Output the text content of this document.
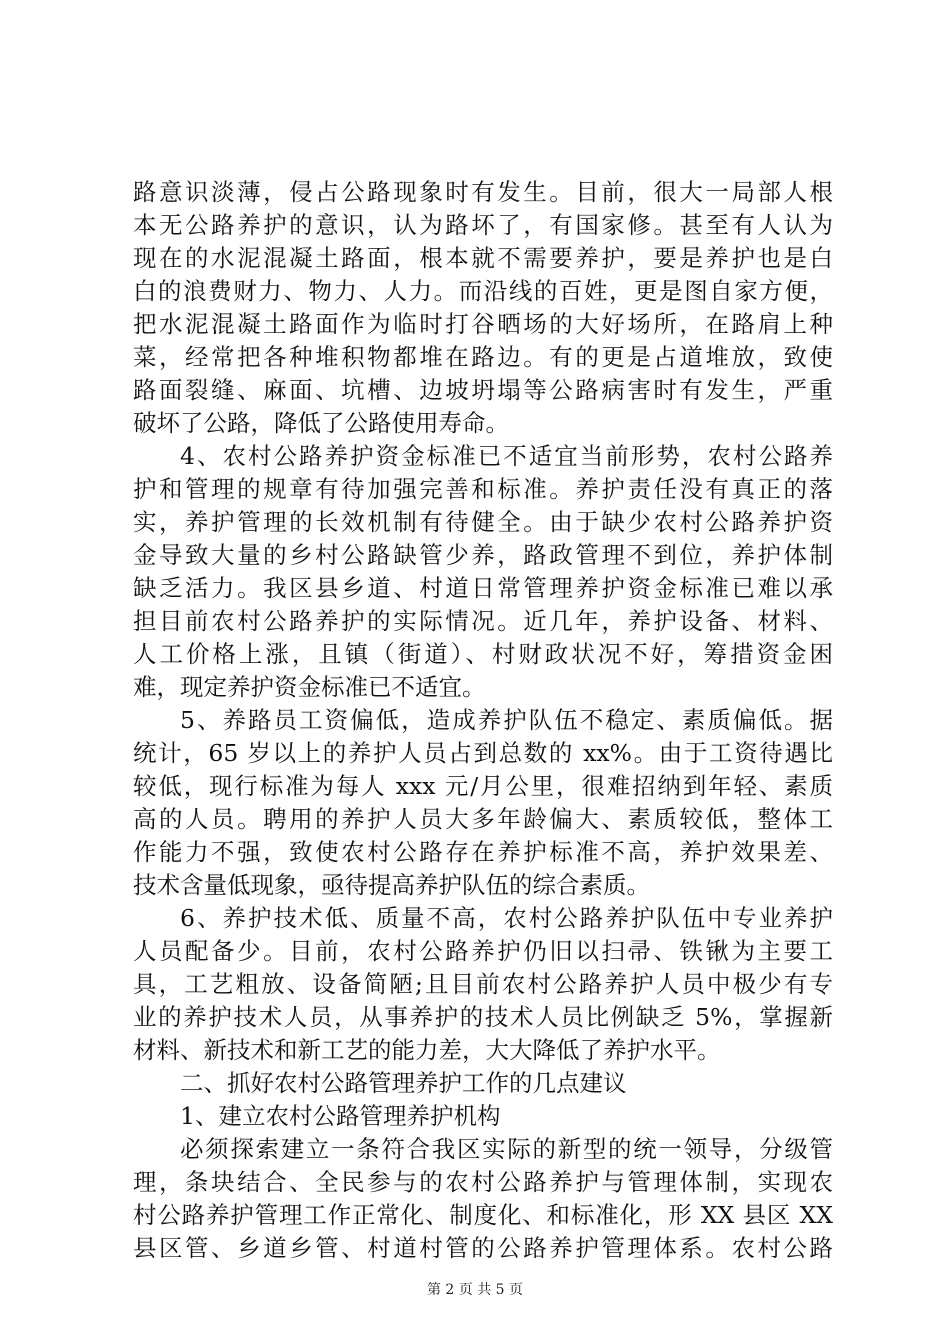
路意识淡薄，侵占公路现象时有发生。目前，很大一局部人根
本无公路养护的意识，认为路坏了，有国家修。甚至有人认为
现在的水泥混凝土路面，根本就不需要养护，要是养护也是白
白的浪费财力、物力、人力。而沿线的百姓，更是图自家方便，
把水泥混凝土路面作为临时打谷晒场的大好场所，在路肩上种
菜，经常把各种堆积物都堆在路边。有的更是占道堆放，致使
路面裂缝、麻面、坑槽、边坡坍塌等公路病害时有发生，严重
破坏了公路，降低了公路使用寿命。
4、农村公路养护资金标准已不适宜当前形势，农村公路养
护和管理的规章有待加强完善和标准。养护责任没有真正的落
实，养护管理的长效机制有待健全。由于缺少农村公路养护资
金导致大量的乡村公路缺管少养，路政管理不到位，养护体制
缺乏活力。我区县乡道、村道日常管理养护资金标准已难以承
担目前农村公路养护的实际情况。近几年，养护设备、材料、
人工价格上涨，且镇（街道）、村财政状况不好，筹措资金困
难，现定养护资金标准已不适宜。
5、养路员工资偏低，造成养护队伍不稳定、素质偏低。据
统计，65 岁以上的养护人员占到总数的 xx%。由于工资待遇比
较低，现行标准为每人 xxx 元/月公里，很难招纳到年轻、素质
高的人员。聘用的养护人员大多年龄偏大、素质较低，整体工
作能力不强，致使农村公路存在养护标准不高，养护效果差、
技术含量低现象，亟待提高养护队伍的综合素质。
6、养护技术低、质量不高，农村公路养护队伍中专业养护
人员配备少。目前，农村公路养护仍旧以扫帚、铁锹为主要工
具，工艺粗放、设备简陋;且目前农村公路养护人员中极少有专
业的养护技术人员，从事养护的技术人员比例缺乏 5%，掌握新
材料、新技术和新工艺的能力差，大大降低了养护水平。
二、抓好农村公路管理养护工作的几点建议
1、建立农村公路管理养护机构
必须探索建立一条符合我区实际的新型的统一领导，分级管
理，条块结合、全民参与的农村公路养护与管理体制，实现农
村公路养护管理工作正常化、制度化、和标准化，形 XX 县区 XX
县区管、乡道乡管、村道村管的公路养护管理体系。农村公路
第 2 页 共 5 页
